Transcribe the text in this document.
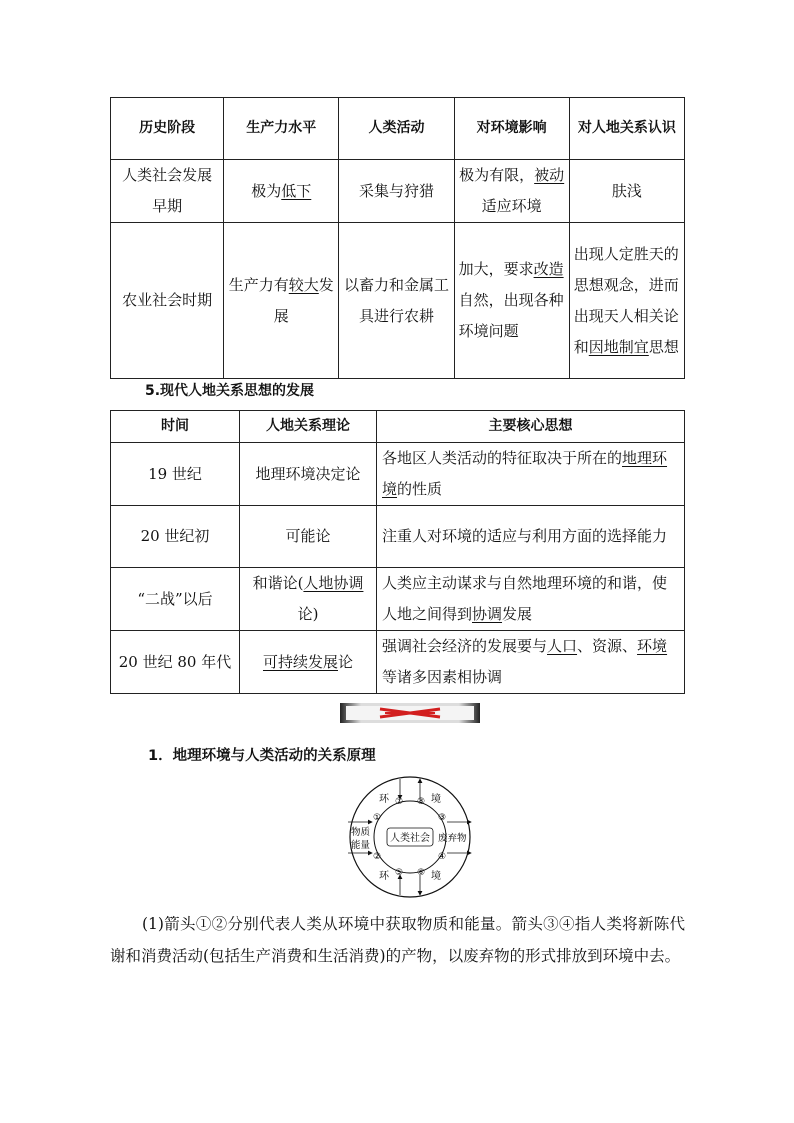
历史阶段	生产力水平	人类活动	对环境影响	对人地关系认识
人类社会发展早期	极为低下	采集与狩猎	极为有限，被动适应环境	肤浅
农业社会时期	生产力有较大发展	以畜力和金属工具进行农耕	加大，要求改造自然，出现各种环境问题	出现人定胜天的思想观念，进而出现天人相关论和因地制宜思想
5.现代人地关系思想的发展
时间	人地关系理论	主要核心思想
19 世纪	地理环境决定论	各地区人类活动的特征取决于所在的地理环境的性质
20 世纪初	可能论	注重人对环境的适应与利用方面的选择能力
“二战”以后	和谐论(人地协调论)	人类应主动谋求与自然地理环境的和谐，使人地之间得到协调发展
20 世纪 80 年代	可持续发展论	强调社会经济的发展要与人口、资源、环境等诸多因素相协调
1．地理环境与人类活动的关系原理
人类社会
环	境
环	境
物质
能量
废弃物
①
②
③
④
⑤ ⑥
⑦ ⑧
(1)箭头①②分别代表人类从环境中获取物质和能量。箭头③④指人类将新陈代谢和消费活动(包括生产消费和生活消费)的产物，以废弃物的形式排放到环境中去。
